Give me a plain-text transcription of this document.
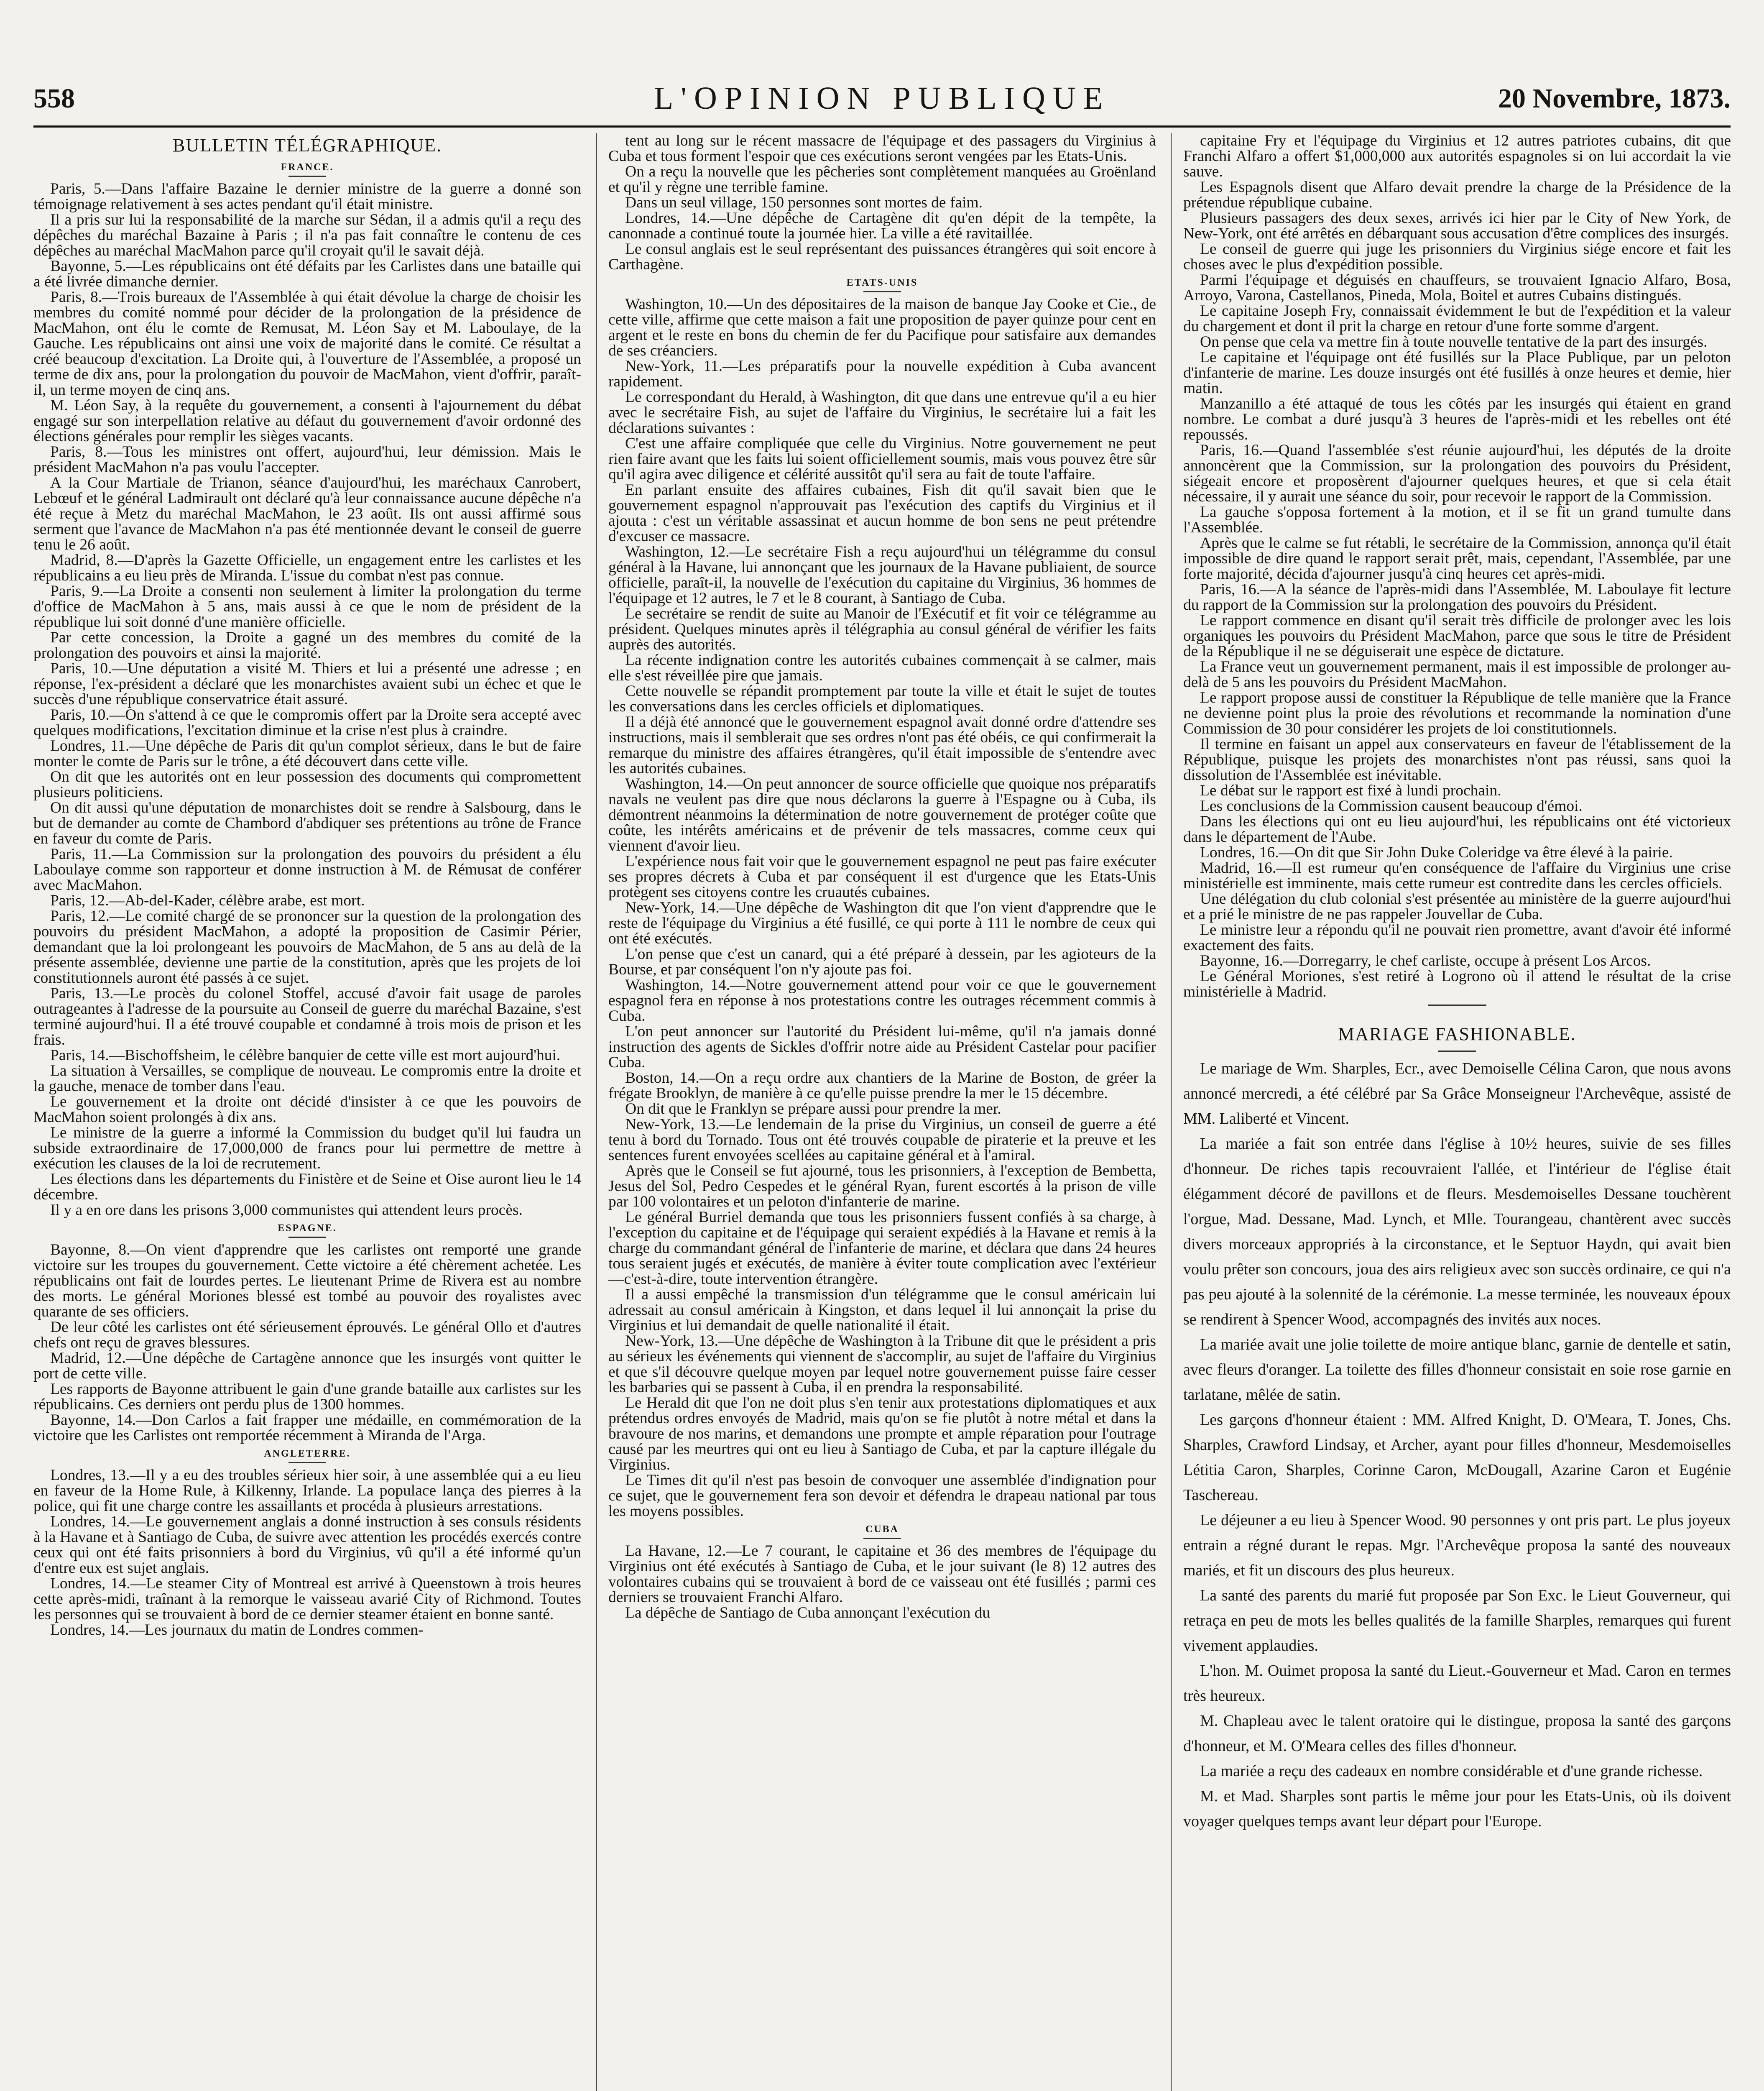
558	L'OPINION PUBLIQUE	20 Novembre, 1873.
BULLETIN TÉLÉGRAPHIQUE.
FRANCE.

Paris, 5.—Dans l'affaire Bazaine le dernier ministre de la guerre a donné son témoignage relativement à ses actes pendant qu'il était ministre.

Il a pris sur lui la responsabilité de la marche sur Sédan, il a admis qu'il a reçu des dépêches du maréchal Bazaine à Paris ; il n'a pas fait connaître le contenu de ces dépêches au maréchal MacMahon parce qu'il croyait qu'il le savait déjà.

Bayonne, 5.—Les républicains ont été défaits par les Carlistes dans une bataille qui a été livrée dimanche dernier.

Paris, 8.—Trois bureaux de l'Assemblée à qui était dévolue la charge de choisir les membres du comité nommé pour décider de la prolongation de la présidence de MacMahon, ont élu le comte de Remusat, M. Léon Say et M. Laboulaye, de la Gauche. Les républicains ont ainsi une voix de majorité dans le comité. Ce résultat a créé beaucoup d'excitation. La Droite qui, à l'ouverture de l'Assemblée, a proposé un terme de dix ans, pour la prolongation du pouvoir de MacMahon, vient d'offrir, paraît-il, un terme moyen de cinq ans.

M. Léon Say, à la requête du gouvernement, a consenti à l'ajournement du débat engagé sur son interpellation relative au défaut du gouvernement d'avoir ordonné des élections générales pour remplir les sièges vacants.

Paris, 8.—Tous les ministres ont offert, aujourd'hui, leur démission. Mais le président MacMahon n'a pas voulu l'accepter.

A la Cour Martiale de Trianon, séance d'aujourd'hui, les maréchaux Canrobert, Lebœuf et le général Ladmirault ont déclaré qu'à leur connaissance aucune dépêche n'a été reçue à Metz du maréchal MacMahon, le 23 août. Ils ont aussi affirmé sous serment que l'avance de MacMahon n'a pas été mentionnée devant le conseil de guerre tenu le 26 août.

Madrid, 8.—D'après la Gazette Officielle, un engagement entre les carlistes et les républicains a eu lieu près de Miranda. L'issue du combat n'est pas connue.

Paris, 9.—La Droite a consenti non seulement à limiter la prolongation du terme d'office de MacMahon à 5 ans, mais aussi à ce que le nom de président de la république lui soit donné d'une manière officielle.

Par cette concession, la Droite a gagné un des membres du comité de la prolongation des pouvoirs et ainsi la majorité.

Paris, 10.—Une députation a visité M. Thiers et lui a présenté une adresse ; en réponse, l'ex-président a déclaré que les monarchistes avaient subi un échec et que le succès d'une république conservatrice était assuré.

Paris, 10.—On s'attend à ce que le compromis offert par la Droite sera accepté avec quelques modifications, l'excitation diminue et la crise n'est plus à craindre.

Londres, 11.—Une dépêche de Paris dit qu'un complot sérieux, dans le but de faire monter le comte de Paris sur le trône, a été découvert dans cette ville.

On dit que les autorités ont en leur possession des documents qui compromettent plusieurs politiciens.

On dit aussi qu'une députation de monarchistes doit se rendre à Salsbourg, dans le but de demander au comte de Chambord d'abdiquer ses prétentions au trône de France en faveur du comte de Paris.

Paris, 11.—La Commission sur la prolongation des pouvoirs du président a élu Laboulaye comme son rapporteur et donne instruction à M. de Rémusat de conférer avec MacMahon.

Paris, 12.—Ab-del-Kader, célèbre arabe, est mort.

Paris, 12.—Le comité chargé de se prononcer sur la question de la prolongation des pouvoirs du président MacMahon, a adopté la proposition de Casimir Périer, demandant que la loi prolongeant les pouvoirs de MacMahon, de 5 ans au delà de la présente assemblée, devienne une partie de la constitution, après que les projets de loi constitutionnels auront été passés à ce sujet.

Paris, 13.—Le procès du colonel Stoffel, accusé d'avoir fait usage de paroles outrageantes à l'adresse de la poursuite au Conseil de guerre du maréchal Bazaine, s'est terminé aujourd'hui. Il a été trouvé coupable et condamné à trois mois de prison et les frais.

Paris, 14.—Bischoffsheim, le célèbre banquier de cette ville est mort aujourd'hui.

La situation à Versailles, se complique de nouveau. Le compromis entre la droite et la gauche, menace de tomber dans l'eau.

Le gouvernement et la droite ont décidé d'insister à ce que les pouvoirs de MacMahon soient prolongés à dix ans.

Le ministre de la guerre a informé la Commission du budget qu'il lui faudra un subside extraordinaire de 17,000,000 de francs pour lui permettre de mettre à exécution les clauses de la loi de recrutement.

Les élections dans les départements du Finistère et de Seine et Oise auront lieu le 14 décembre.

Il y a en ore dans les prisons 3,000 communistes qui attendent leurs procès.

ESPAGNE.

Bayonne, 8.—On vient d'apprendre que les carlistes ont remporté une grande victoire sur les troupes du gouvernement. Cette victoire a été chèrement achetée. Les républicains ont fait de lourdes pertes. Le lieutenant Prime de Rivera est au nombre des morts. Le général Moriones blessé est tombé au pouvoir des royalistes avec quarante de ses officiers.

De leur côté les carlistes ont été sérieusement éprouvés. Le général Ollo et d'autres chefs ont reçu de graves blessures.

Madrid, 12.—Une dépêche de Cartagène annonce que les insurgés vont quitter le port de cette ville.

Les rapports de Bayonne attribuent le gain d'une grande bataille aux carlistes sur les républicains. Ces derniers ont perdu plus de 1300 hommes.

Bayonne, 14.—Don Carlos a fait frapper une médaille, en commémoration de la victoire que les Carlistes ont remportée récemment à Miranda de l'Arga.

ANGLETERRE.

Londres, 13.—Il y a eu des troubles sérieux hier soir, à une assemblée qui a eu lieu en faveur de la Home Rule, à Kilkenny, Irlande. La populace lança des pierres à la police, qui fit une charge contre les assaillants et procéda à plusieurs arrestations.

Londres, 14.—Le gouvernement anglais a donné instruction à ses consuls résidents à la Havane et à Santiago de Cuba, de suivre avec attention les procédés exercés contre ceux qui ont été faits prisonniers à bord du Virginius, vû qu'il a été informé qu'un d'entre eux est sujet anglais.

Londres, 14.—Le steamer City of Montreal est arrivé à Queenstown à trois heures cette après-midi, traînant à la remorque le vaisseau avarié City of Richmond. Toutes les personnes qui se trouvaient à bord de ce dernier steamer étaient en bonne santé.

Londres, 14.—Les journaux du matin de Londres commen-

tent au long sur le récent massacre de l'équipage et des passagers du Virginius à Cuba et tous forment l'espoir que ces exécutions seront vengées par les Etats-Unis.

On a reçu la nouvelle que les pêcheries sont complètement manquées au Groënland et qu'il y règne une terrible famine.

Dans un seul village, 150 personnes sont mortes de faim.

Londres, 14.—Une dépêche de Cartagène dit qu'en dépit de la tempête, la canonnade a continué toute la journée hier. La ville a été ravitaillée.

Le consul anglais est le seul représentant des puissances étrangères qui soit encore à Carthagène.

ETATS-UNIS

Washington, 10.—Un des dépositaires de la maison de banque Jay Cooke et Cie., de cette ville, affirme que cette maison a fait une proposition de payer quinze pour cent en argent et le reste en bons du chemin de fer du Pacifique pour satisfaire aux demandes de ses créanciers.

New-York, 11.—Les préparatifs pour la nouvelle expédition à Cuba avancent rapidement.

Le correspondant du Herald, à Washington, dit que dans une entrevue qu'il a eu hier avec le secrétaire Fish, au sujet de l'affaire du Virginius, le secrétaire lui a fait les déclarations suivantes :

C'est une affaire compliquée que celle du Virginius. Notre gouvernement ne peut rien faire avant que les faits lui soient officiellement soumis, mais vous pouvez être sûr qu'il agira avec diligence et célérité aussitôt qu'il sera au fait de toute l'affaire.

En parlant ensuite des affaires cubaines, Fish dit qu'il savait bien que le gouvernement espagnol n'approuvait pas l'exécution des captifs du Virginius et il ajouta : c'est un véritable assassinat et aucun homme de bon sens ne peut prétendre d'excuser ce massacre.

Washington, 12.—Le secrétaire Fish a reçu aujourd'hui un télégramme du consul général à la Havane, lui annonçant que les journaux de la Havane publiaient, de source officielle, paraît-il, la nouvelle de l'exécution du capitaine du Virginius, 36 hommes de l'équipage et 12 autres, le 7 et le 8 courant, à Santiago de Cuba.

Le secrétaire se rendit de suite au Manoir de l'Exécutif et fit voir ce télégramme au président. Quelques minutes après il télégraphia au consul général de vérifier les faits auprès des autorités.

La récente indignation contre les autorités cubaines commençait à se calmer, mais elle s'est réveillée pire que jamais.

Cette nouvelle se répandit promptement par toute la ville et était le sujet de toutes les conversations dans les cercles officiels et diplomatiques.

Il a déjà été annoncé que le gouvernement espagnol avait donné ordre d'attendre ses instructions, mais il semblerait que ses ordres n'ont pas été obéis, ce qui confirmerait la remarque du ministre des affaires étrangères, qu'il était impossible de s'entendre avec les autorités cubaines.

Washington, 14.—On peut annoncer de source officielle que quoique nos préparatifs navals ne veulent pas dire que nous déclarons la guerre à l'Espagne ou à Cuba, ils démontrent néanmoins la détermination de notre gouvernement de protéger coûte que coûte, les intérêts américains et de prévenir de tels massacres, comme ceux qui viennent d'avoir lieu.

L'expérience nous fait voir que le gouvernement espagnol ne peut pas faire exécuter ses propres décrets à Cuba et par conséquent il est d'urgence que les Etats-Unis protègent ses citoyens contre les cruautés cubaines.

New-York, 14.—Une dépêche de Washington dit que l'on vient d'apprendre que le reste de l'équipage du Virginius a été fusillé, ce qui porte à 111 le nombre de ceux qui ont été exécutés.

L'on pense que c'est un canard, qui a été préparé à dessein, par les agioteurs de la Bourse, et par conséquent l'on n'y ajoute pas foi.

Washington, 14.—Notre gouvernement attend pour voir ce que le gouvernement espagnol fera en réponse à nos protestations contre les outrages récemment commis à Cuba.

L'on peut annoncer sur l'autorité du Président lui-même, qu'il n'a jamais donné instruction des agents de Sickles d'offrir notre aide au Président Castelar pour pacifier Cuba.

Boston, 14.—On a reçu ordre aux chantiers de la Marine de Boston, de gréer la frégate Brooklyn, de manière à ce qu'elle puisse prendre la mer le 15 décembre.

On dit que le Franklyn se prépare aussi pour prendre la mer.

New-York, 13.—Le lendemain de la prise du Virginius, un conseil de guerre a été tenu à bord du Tornado. Tous ont été trouvés coupable de piraterie et la preuve et les sentences furent envoyées scellées au capitaine général et à l'amiral.

Après que le Conseil se fut ajourné, tous les prisonniers, à l'exception de Bembetta, Jesus del Sol, Pedro Cespedes et le général Ryan, furent escortés à la prison de ville par 100 volontaires et un peloton d'infanterie de marine.

Le général Burriel demanda que tous les prisonniers fussent confiés à sa charge, à l'exception du capitaine et de l'équipage qui seraient expédiés à la Havane et remis à la charge du commandant général de l'infanterie de marine, et déclara que dans 24 heures tous seraient jugés et exécutés, de manière à éviter toute complication avec l'extérieur—c'est-à-dire, toute intervention étrangère.

Il a aussi empêché la transmission d'un télégramme que le consul américain lui adressait au consul américain à Kingston, et dans lequel il lui annonçait la prise du Virginius et lui demandait de quelle nationalité il était.

New-York, 13.—Une dépêche de Washington à la Tribune dit que le président a pris au sérieux les événements qui viennent de s'accomplir, au sujet de l'affaire du Virginius et que s'il découvre quelque moyen par lequel notre gouvernement puisse faire cesser les barbaries qui se passent à Cuba, il en prendra la responsabilité.

Le Herald dit que l'on ne doit plus s'en tenir aux protestations diplomatiques et aux prétendus ordres envoyés de Madrid, mais qu'on se fie plutôt à notre métal et dans la bravoure de nos marins, et demandons une prompte et ample réparation pour l'outrage causé par les meurtres qui ont eu lieu à Santiago de Cuba, et par la capture illégale du Virginius.

Le Times dit qu'il n'est pas besoin de convoquer une assemblée d'indignation pour ce sujet, que le gouvernement fera son devoir et défendra le drapeau national par tous les moyens possibles.

CUBA

La Havane, 12.—Le 7 courant, le capitaine et 36 des membres de l'équipage du Virginius ont été exécutés à Santiago de Cuba, et le jour suivant (le 8) 12 autres des volontaires cubains qui se trouvaient à bord de ce vaisseau ont été fusillés ; parmi ces derniers se trouvaient Franchi Alfaro.

La dépêche de Santiago de Cuba annonçant l'exécution du

capitaine Fry et l'équipage du Virginius et 12 autres patriotes cubains, dit que Franchi Alfaro a offert $1,000,000 aux autorités espagnoles si on lui accordait la vie sauve.

Les Espagnols disent que Alfaro devait prendre la charge de la Présidence de la prétendue république cubaine.

Plusieurs passagers des deux sexes, arrivés ici hier par le City of New York, de New-York, ont été arrêtés en débarquant sous accusation d'être complices des insurgés.

Le conseil de guerre qui juge les prisonniers du Virginius siége encore et fait les choses avec le plus d'expédition possible.

Parmi l'équipage et déguisés en chauffeurs, se trouvaient Ignacio Alfaro, Bosa, Arroyo, Varona, Castellanos, Pineda, Mola, Boitel et autres Cubains distingués.

Le capitaine Joseph Fry, connaissait évidemment le but de l'expédition et la valeur du chargement et dont il prit la charge en retour d'une forte somme d'argent.

On pense que cela va mettre fin à toute nouvelle tentative de la part des insurgés.

Le capitaine et l'équipage ont été fusillés sur la Place Publique, par un peloton d'infanterie de marine. Les douze insurgés ont été fusillés à onze heures et demie, hier matin.

Manzanillo a été attaqué de tous les côtés par les insurgés qui étaient en grand nombre. Le combat a duré jusqu'à 3 heures de l'après-midi et les rebelles ont été repoussés.

Paris, 16.—Quand l'assemblée s'est réunie aujourd'hui, les députés de la droite annoncèrent que la Commission, sur la prolongation des pouvoirs du Président, siégeait encore et proposèrent d'ajourner quelques heures, et que si cela était nécessaire, il y aurait une séance du soir, pour recevoir le rapport de la Commission.

La gauche s'opposa fortement à la motion, et il se fit un grand tumulte dans l'Assemblée.

Après que le calme se fut rétabli, le secrétaire de la Commission, annonça qu'il était impossible de dire quand le rapport serait prêt, mais, cependant, l'Assemblée, par une forte majorité, décida d'ajourner jusqu'à cinq heures cet après-midi.

Paris, 16.—A la séance de l'après-midi dans l'Assemblée, M. Laboulaye fit lecture du rapport de la Commission sur la prolongation des pouvoirs du Président.

Le rapport commence en disant qu'il serait très difficile de prolonger avec les lois organiques les pouvoirs du Président MacMahon, parce que sous le titre de Président de la République il ne se déguiserait une espèce de dictature.

La France veut un gouvernement permanent, mais il est impossible de prolonger au-delà de 5 ans les pouvoirs du Président MacMahon.

Le rapport propose aussi de constituer la République de telle manière que la France ne devienne point plus la proie des révolutions et recommande la nomination d'une Commission de 30 pour considérer les projets de loi constitutionnels.

Il termine en faisant un appel aux conservateurs en faveur de l'établissement de la République, puisque les projets des monarchistes n'ont pas réussi, sans quoi la dissolution de l'Assemblée est inévitable.

Le débat sur le rapport est fixé à lundi prochain.

Les conclusions de la Commission causent beaucoup d'émoi.

Dans les élections qui ont eu lieu aujourd'hui, les républicains ont été victorieux dans le département de l'Aube.

Londres, 16.—On dit que Sir John Duke Coleridge va être élevé à la pairie.

Madrid, 16.—Il est rumeur qu'en conséquence de l'affaire du Virginius une crise ministérielle est imminente, mais cette rumeur est contredite dans les cercles officiels.

Une délégation du club colonial s'est présentée au ministère de la guerre aujourd'hui et a prié le ministre de ne pas rappeler Jouvellar de Cuba.

Le ministre leur a répondu qu'il ne pouvait rien promettre, avant d'avoir été informé exactement des faits.

Bayonne, 16.—Dorregarry, le chef carliste, occupe à présent Los Arcos.

Le Général Moriones, s'est retiré à Logrono où il attend le résultat de la crise ministérielle à Madrid.

MARIAGE FASHIONABLE.

Le mariage de Wm. Sharples, Ecr., avec Demoiselle Célina Caron, que nous avons annoncé mercredi, a été célébré par Sa Grâce Monseigneur l'Archevêque, assisté de MM. Laliberté et Vincent.

La mariée a fait son entrée dans l'église à 10½ heures, suivie de ses filles d'honneur. De riches tapis recouvraient l'allée, et l'intérieur de l'église était élégamment décoré de pavillons et de fleurs. Mesdemoiselles Dessane touchèrent l'orgue, Mad. Dessane, Mad. Lynch, et Mlle. Tourangeau, chantèrent avec succès divers morceaux appropriés à la circonstance, et le Septuor Haydn, qui avait bien voulu prêter son concours, joua des airs religieux avec son succès ordinaire, ce qui n'a pas peu ajouté à la solennité de la cérémonie. La messe terminée, les nouveaux époux se rendirent à Spencer Wood, accompagnés des invités aux noces.

La mariée avait une jolie toilette de moire antique blanc, garnie de dentelle et satin, avec fleurs d'oranger. La toilette des filles d'honneur consistait en soie rose garnie en tarlatane, mêlée de satin.

Les garçons d'honneur étaient : MM. Alfred Knight, D. O'Meara, T. Jones, Chs. Sharples, Crawford Lindsay, et Archer, ayant pour filles d'honneur, Mesdemoiselles Létitia Caron, Sharples, Corinne Caron, McDougall, Azarine Caron et Eugénie Taschereau.

Le déjeuner a eu lieu à Spencer Wood. 90 personnes y ont pris part. Le plus joyeux entrain a régné durant le repas. Mgr. l'Archevêque proposa la santé des nouveaux mariés, et fit un discours des plus heureux.

La santé des parents du marié fut proposée par Son Exc. le Lieut Gouverneur, qui retraça en peu de mots les belles qualités de la famille Sharples, remarques qui furent vivement applaudies.

L'hon. M. Ouimet proposa la santé du Lieut.-Gouverneur et Mad. Caron en termes très heureux.

M. Chapleau avec le talent oratoire qui le distingue, proposa la santé des garçons d'honneur, et M. O'Meara celles des filles d'honneur.

La mariée a reçu des cadeaux en nombre considérable et d'une grande richesse.

M. et Mad. Sharples sont partis le même jour pour les Etats-Unis, où ils doivent voyager quelques temps avant leur départ pour l'Europe.
